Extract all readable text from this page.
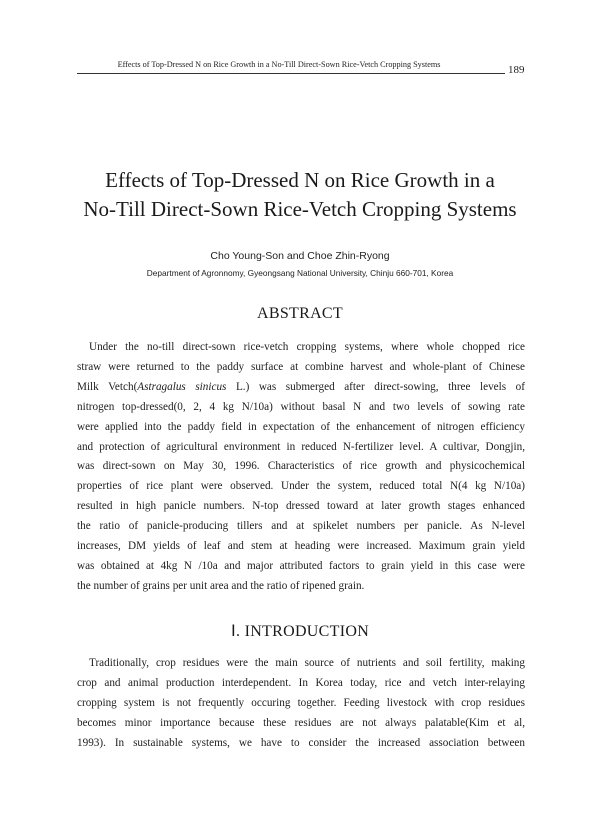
Effects of Top-Dressed N on Rice Growth in a No-Till Direct-Sown Rice-Vetch Cropping Systems	189
Effects of Top-Dressed N on Rice Growth in a
No-Till Direct-Sown Rice-Vetch Cropping Systems
Cho Young-Son and Choe Zhin-Ryong
Department of Agronnomy, Gyeongsang National University, Chinju 660-701, Korea
ABSTRACT
Under the no-till direct-sown rice-vetch cropping systems, where whole chopped rice
straw were returned to the paddy surface at combine harvest and whole-plant of Chinese
Milk Vetch(Astragalus sinicus L.) was submerged after direct-sowing, three levels of
nitrogen top-dressed(0, 2, 4 kg N/10a) without basal N and two levels of sowing rate
were applied into the paddy field in expectation of the enhancement of nitrogen efficiency
and protection of agricultural environment in reduced N-fertilizer level. A cultivar, Dongjin,
was direct-sown on May 30, 1996. Characteristics of rice growth and physicochemical
properties of rice plant were observed. Under the system, reduced total N(4 kg N/10a)
resulted in high panicle numbers. N-top dressed toward at later growth stages enhanced
the ratio of panicle-producing tillers and at spikelet numbers per panicle. As N-level
increases, DM yields of leaf and stem at heading were increased. Maximum grain yield
was obtained at 4kg N /10a and major attributed factors to grain yield in this case were
the number of grains per unit area and the ratio of ripened grain.
Ⅰ. INTRODUCTION
Traditionally, crop residues were the main source of nutrients and soil fertility, making
crop and animal production interdependent. In Korea today, rice and vetch inter-relaying
cropping system is not frequently occuring together. Feeding livestock with crop residues
becomes minor importance because these residues are not always palatable(Kim et al,
1993). In sustainable systems, we have to consider the increased association between
